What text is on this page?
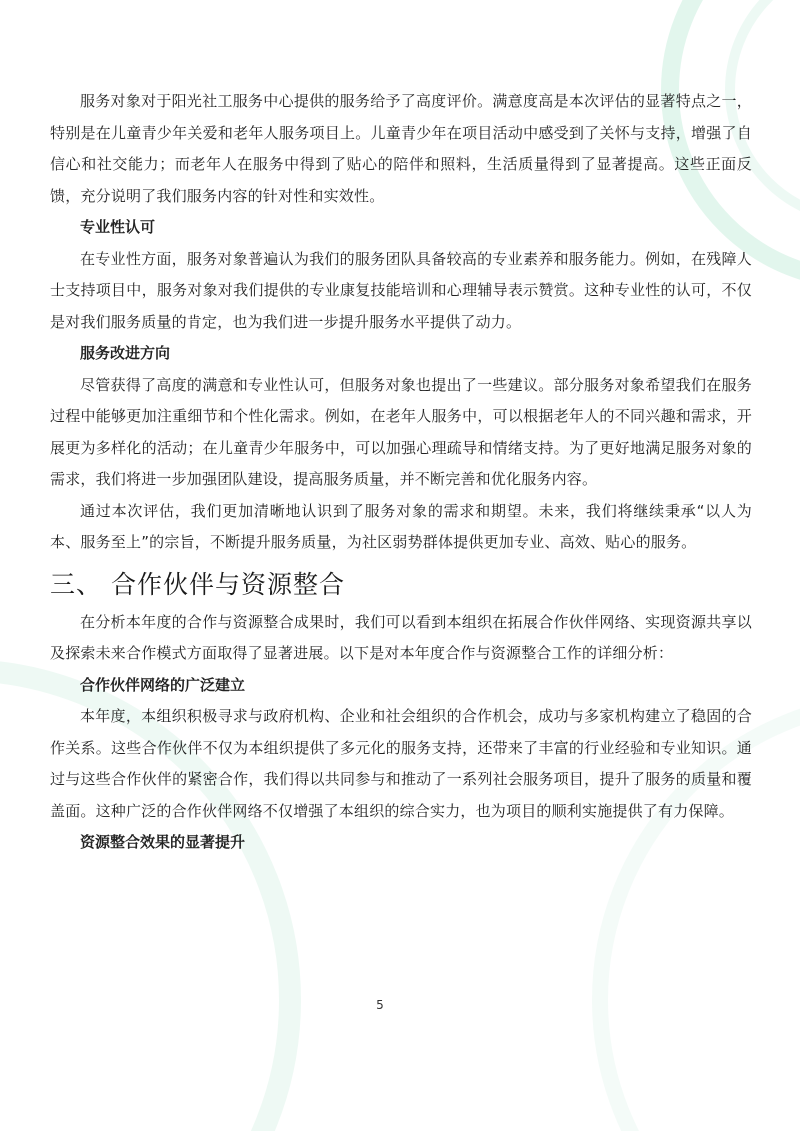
服务对象对于阳光社工服务中心提供的服务给予了高度评价。满意度高是本次评估的显著特点之一，特别是在儿童青少年关爱和老年人服务项目上。儿童青少年在项目活动中感受到了关怀与支持，增强了自信心和社交能力；而老年人在服务中得到了贴心的陪伴和照料，生活质量得到了显著提高。这些正面反馈，充分说明了我们服务内容的针对性和实效性。

专业性认可

在专业性方面，服务对象普遍认为我们的服务团队具备较高的专业素养和服务能力。例如，在残障人士支持项目中，服务对象对我们提供的专业康复技能培训和心理辅导表示赞赏。这种专业性的认可，不仅是对我们服务质量的肯定，也为我们进一步提升服务水平提供了动力。

服务改进方向

尽管获得了高度的满意和专业性认可，但服务对象也提出了一些建议。部分服务对象希望我们在服务过程中能够更加注重细节和个性化需求。例如，在老年人服务中，可以根据老年人的不同兴趣和需求，开展更为多样化的活动；在儿童青少年服务中，可以加强心理疏导和情绪支持。为了更好地满足服务对象的需求，我们将进一步加强团队建设，提高服务质量，并不断完善和优化服务内容。

通过本次评估，我们更加清晰地认识到了服务对象的需求和期望。未来，我们将继续秉承“以人为本、服务至上”的宗旨，不断提升服务质量，为社区弱势群体提供更加专业、高效、贴心的服务。

三、 合作伙伴与资源整合

在分析本年度的合作与资源整合成果时，我们可以看到本组织在拓展合作伙伴网络、实现资源共享以及探索未来合作模式方面取得了显著进展。以下是对本年度合作与资源整合工作的详细分析：

合作伙伴网络的广泛建立

本年度，本组织积极寻求与政府机构、企业和社会组织的合作机会，成功与多家机构建立了稳固的合作关系。这些合作伙伴不仅为本组织提供了多元化的服务支持，还带来了丰富的行业经验和专业知识。通过与这些合作伙伴的紧密合作，我们得以共同参与和推动了一系列社会服务项目，提升了服务的质量和覆盖面。这种广泛的合作伙伴网络不仅增强了本组织的综合实力，也为项目的顺利实施提供了有力保障。

资源整合效果的显著提升
5
